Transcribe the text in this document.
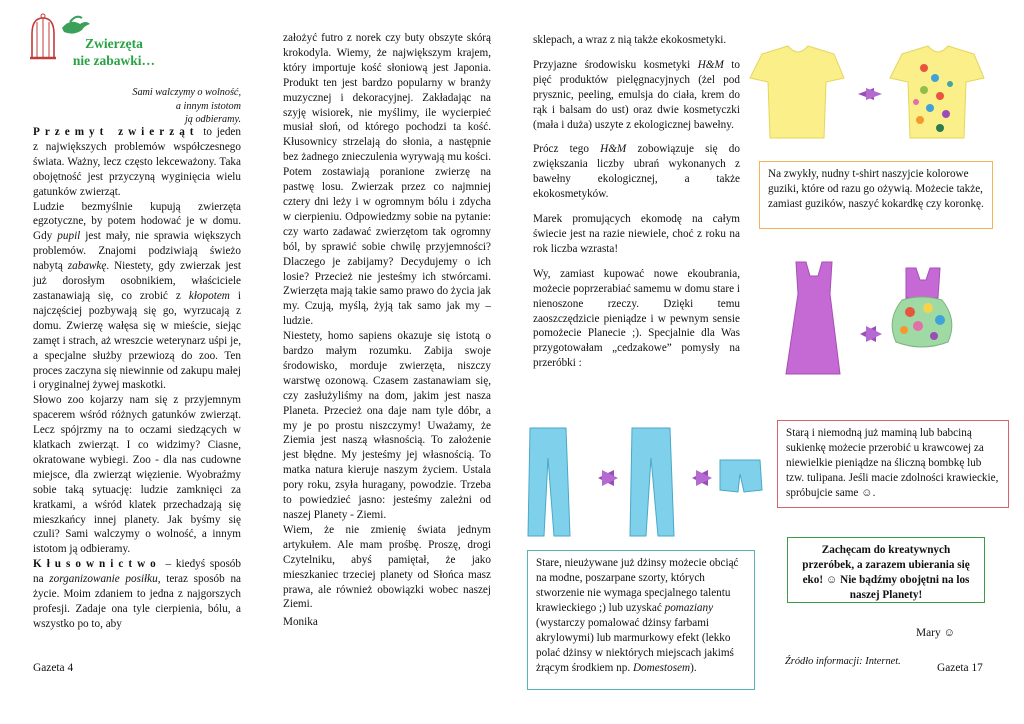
Zwierzęta
nie zabawki…
Sami walczymy o wolność,
a innym istotom
ją odbieramy.

Przemyt zwierząt to jeden z największych problemów współczesnego świata. Ważny, lecz często lekceważony. Taka obojętność jest przyczyną wyginięcia wielu gatunków zwierząt.

Ludzie bezmyślnie kupują zwierzęta egzotyczne, by potem hodować je w domu. Gdy pupil jest mały, nie sprawia większych problemów. Znajomi podziwiają świeżo nabytą zabawkę. Niestety, gdy zwierzak jest już dorosłym osobnikiem, właściciele zastanawiają się, co zrobić z kłopotem i najczęściej pozbywają się go, wyrzucają z domu. Zwierzę wałęsa się w mieście, siejąc zamęt i strach, aż wreszcie weterynarz uśpi je, a specjalne służby przewiozą do zoo. Ten proces zaczyna się niewinnie od zakupu małej i oryginalnej żywej maskotki.

Słowo zoo kojarzy nam się z przyjemnym spacerem wśród różnych gatunków zwierząt. Lecz spójrzmy na to oczami siedzących w klatkach zwierząt. I co widzimy? Ciasne, okratowane wybiegi. Zoo - dla nas cudowne miejsce, dla zwierząt więzienie. Wyobraźmy sobie taką sytuację: ludzie zamknięci za kratkami, a wśród klatek przechadzają się mieszkańcy innej planety. Jak byśmy się czuli? Sami walczymy o wolność, a innym istotom ją odbieramy.

Kłusownictwo – kiedyś sposób na zorganizowanie posiłku, teraz sposób na życie. Moim zdaniem to jedna z najgorszych profesji. Zadaje ona tyle cierpienia, bólu, a wszystko po to, aby

założyć futro z norek czy buty obszyte skórą krokodyla. Wiemy, że największym krajem, który importuje kość słoniową jest Japonia. Produkt ten jest bardzo popularny w branży muzycznej i dekoracyjnej. Zakładając na szyję wisiorek, nie myślimy, ile wycierpieć musiał słoń, od którego pochodzi ta kość. Kłusownicy strzelają do słonia, a następnie bez żadnego znieczulenia wyrywają mu kości. Potem zostawiają poranione zwierzę na pastwę losu. Zwierzak przez co najmniej cztery dni leży i w ogromnym bólu i zdycha w cierpieniu. Odpowiedzmy sobie na pytanie: czy warto zadawać zwierzętom tak ogromny ból, by sprawić sobie chwilę przyjemności? Dlaczego je zabijamy? Decydujemy o ich losie? Przecież nie jesteśmy ich stwórcami. Zwierzęta mają takie samo prawo do życia jak my. Czują, myślą, żyją tak samo jak my – ludzie.

Niestety, homo sapiens okazuje się istotą o bardzo małym rozumku. Zabija swoje środowisko, morduje zwierzęta, niszczy warstwę ozonową. Czasem zastanawiam się, czy zasłużyliśmy na dom, jakim jest nasza Planeta. Przecież ona daje nam tyle dóbr, a my je po prostu niszczymy! Uważamy, że Ziemia jest naszą własnością. To założenie jest błędne. My jesteśmy jej własnością. To matka natura kieruje naszym życiem. Ustala pory roku, zsyła huragany, powodzie. Trzeba to powiedzieć jasno: jesteśmy zależni od naszej Planety - Ziemi.

Wiem, że nie zmienię świata jednym artykułem. Ale mam prośbę. Proszę, drogi Czytelniku, abyś pamiętał, że jako mieszkaniec trzeciej planety od Słońca masz prawa, ale również obowiązki wobec naszej Ziemi.

Monika

sklepach, a wraz z nią także ekokosmetyki.

Przyjazne środowisku kosmetyki H&M to pięć produktów pielęgnacyjnych (żel pod prysznic, peeling, emulsja do ciała, krem do rąk i balsam do ust) oraz dwie kosmetyczki (mała i duża) uszyte z ekologicznej bawełny.

Prócz tego H&M zobowiązuje się do zwiększania liczby ubrań wykonanych z bawełny ekologicznej, a także ekokosmetyków.

Marek promujących ekomodę na całym świecie jest na razie niewiele, choć z roku na rok liczba wzrasta!

Wy, zamiast kupować nowe ekoubrania, możecie poprzerabiać samemu w domu stare i nienoszone rzeczy. Dzięki temu zaoszczędzicie pieniądze i w pewnym sensie pomożecie Planecie ;). Specjalnie dla Was przygotowałam „cedzakowe” pomysły na przeróbki :

Na zwykły, nudny t-shirt naszyjcie kolorowe guziki, które od razu go ożywią. Możecie także, zamiast guzików, naszyć kokardkę czy koronkę.
Starą i niemodną już maminą lub babciną sukienkę możecie przerobić u krawcowej za niewielkie pieniądze na śliczną bombkę lub tzw. tulipana. Jeśli macie zdolności krawieckie, spróbujcie same ☺.
Stare, nieużywane już dżinsy możecie obciąć na modne, poszarpane szorty, których stworzenie nie wymaga specjalnego talentu krawieckiego ;) lub uzyskać pomaziany (wystarczy pomalować dżinsy farbami akrylowymi) lub marmurkowy efekt (lekko polać dżinsy w niektórych miejscach jakimś żrącym środkiem np. Domestosem).
Zachęcam do kreatywnych przeróbek, a zarazem ubierania się eko! ☺ Nie bądźmy obojętni na los naszej Planety!
Mary ☺
Źródło informacji: Internet.
Gazeta 4	Gazeta 17
